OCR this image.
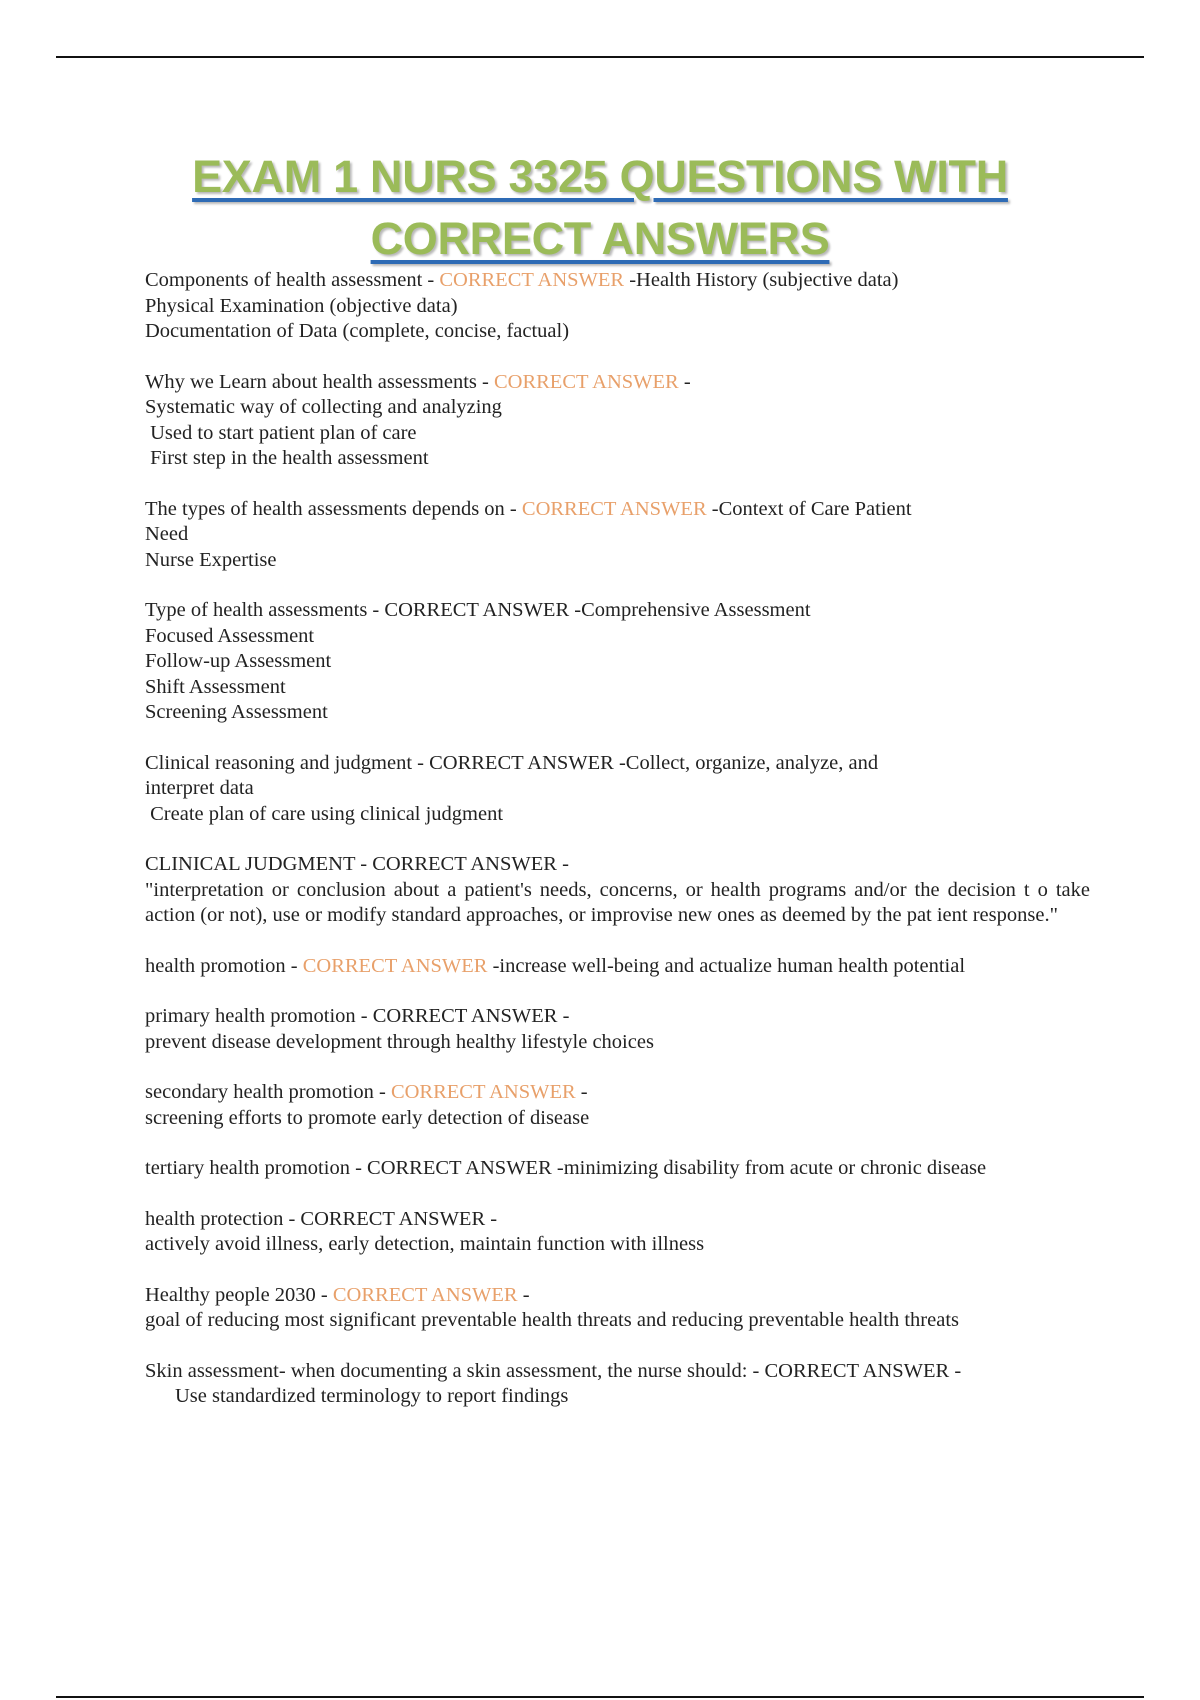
EXAM 1 NURS 3325 QUESTIONS WITH
CORRECT ANSWERS
Components of health assessment - CORRECT ANSWER -Health History (subjective data)
Physical Examination (objective data)
Documentation of Data (complete, concise, factual)
Why we Learn about health assessments - CORRECT ANSWER -
Systematic way of collecting and analyzing
Used to start patient plan of care
First step in the health assessment
The types of health assessments depends on - CORRECT ANSWER -Context of Care Patient
Need
Nurse Expertise
Type of health assessments - CORRECT ANSWER -Comprehensive Assessment
Focused Assessment
Follow-up Assessment
Shift Assessment
Screening Assessment
Clinical reasoning and judgment - CORRECT ANSWER -Collect, organize, analyze, and
interpret data
Create plan of care using clinical judgment
CLINICAL JUDGMENT - CORRECT ANSWER -
"interpretation or conclusion about a patient's needs, concerns, or health programs and/or the decision t o take action (or not), use or modify standard approaches, or improvise new ones as deemed by the pat ient response."
health promotion - CORRECT ANSWER -increase well-being and actualize human health potential
primary health promotion - CORRECT ANSWER -
prevent disease development through healthy lifestyle choices
secondary health promotion - CORRECT ANSWER -
screening efforts to promote early detection of disease
tertiary health promotion - CORRECT ANSWER -minimizing disability from acute or chronic disease
health protection - CORRECT ANSWER -
actively avoid illness, early detection, maintain function with illness
Healthy people 2030 - CORRECT ANSWER -
goal of reducing most significant preventable health threats and reducing preventable health threats
Skin assessment- when documenting a skin assessment, the nurse should: - CORRECT ANSWER -
Use standardized terminology to report findings
